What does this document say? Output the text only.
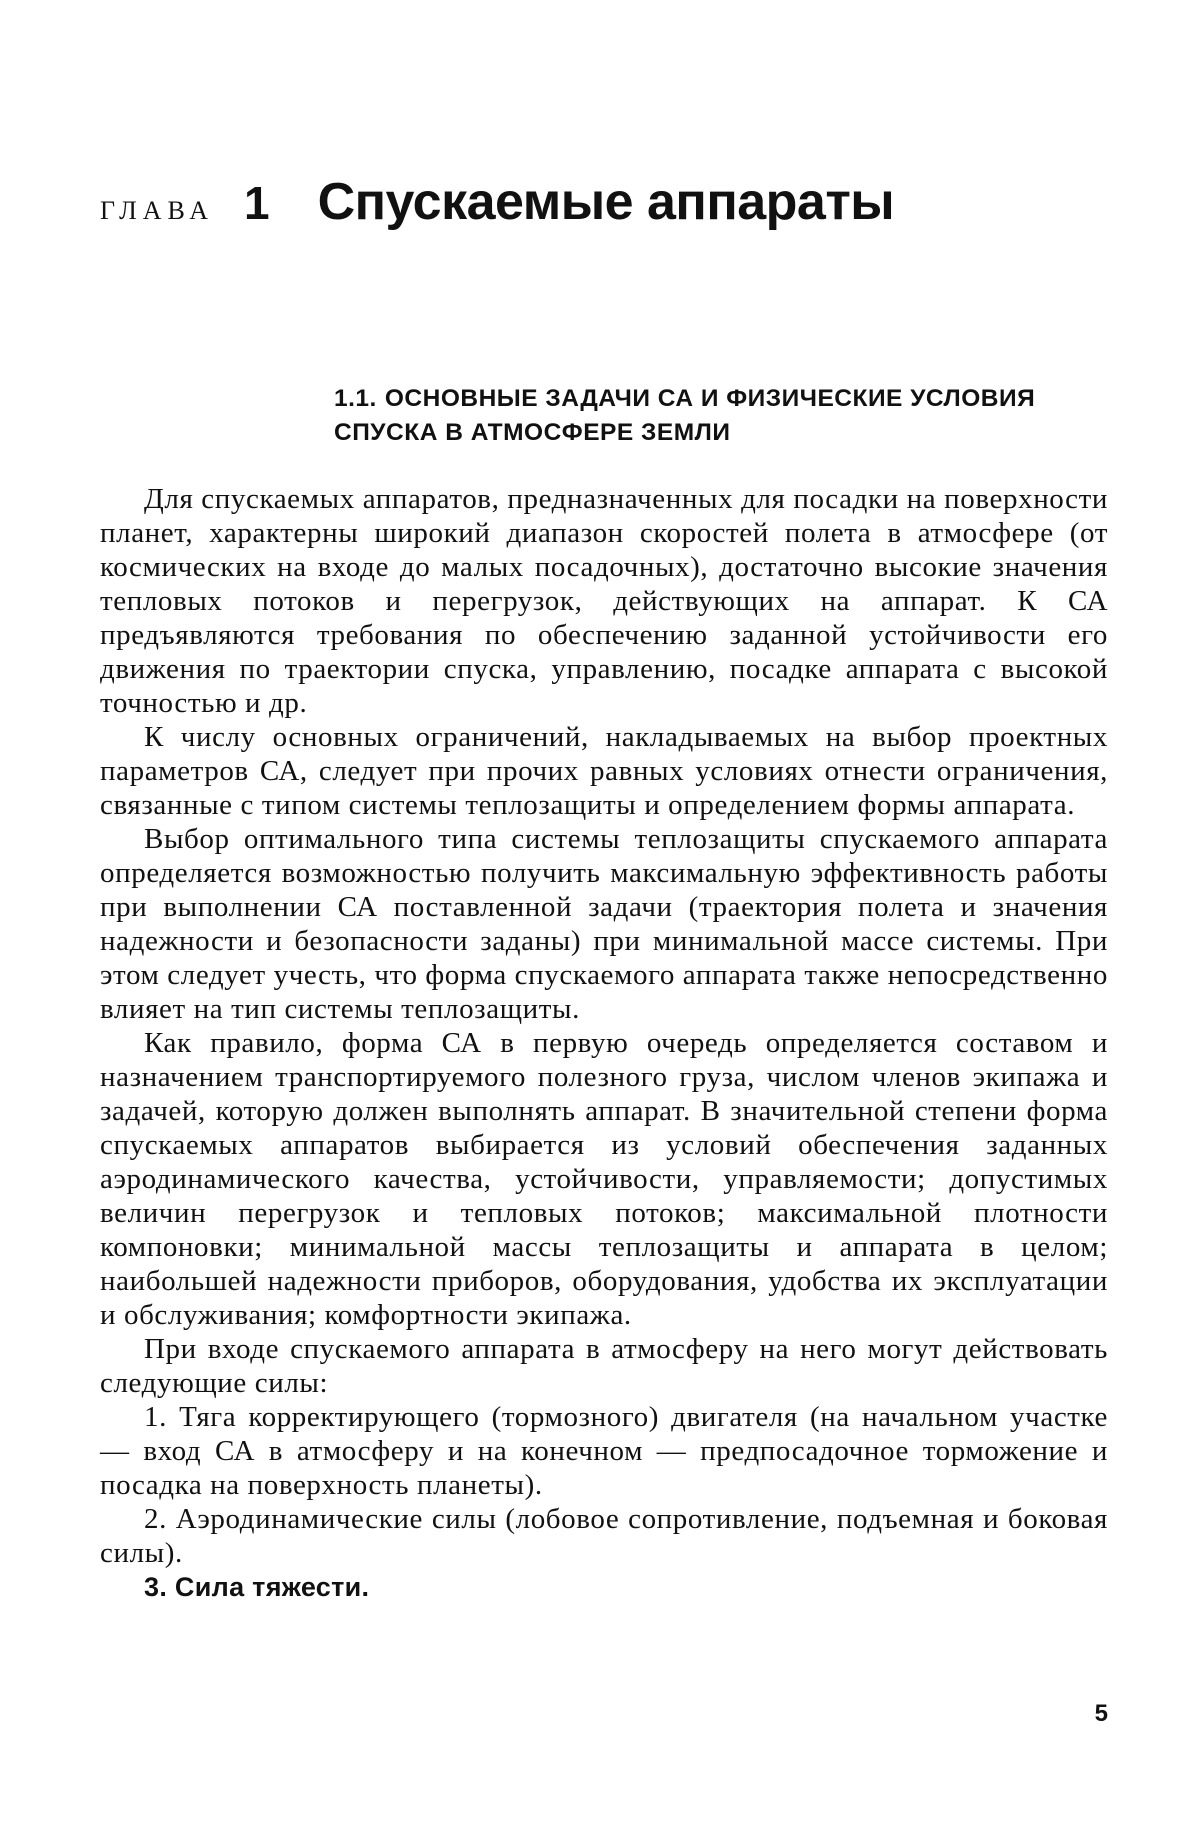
ГЛАВА 1 Спускаемые аппараты
1.1. ОСНОВНЫЕ ЗАДАЧИ СА И ФИЗИЧЕСКИЕ УСЛОВИЯ СПУСКА В АТМОСФЕРЕ ЗЕМЛИ

Для спускаемых аппаратов, предназначенных для посадки на поверхности планет, характерны широкий диапазон скоростей полета в атмосфере (от космических на входе до малых посадочных), достаточно высокие значения тепловых потоков и перегрузок, действующих на аппарат. К СА предъявляются требования по обеспечению заданной устойчивости его движения по траектории спуска, управлению, посадке аппарата с высокой точностью и др.

К числу основных ограничений, накладываемых на выбор проектных параметров СА, следует при прочих равных условиях отнести ограничения, связанные с типом системы теплозащиты и определением формы аппарата.

Выбор оптимального типа системы теплозащиты спускаемого аппарата определяется возможностью получить максимальную эффективность работы при выполнении СА поставленной задачи (траектория полета и значения надежности и безопасности заданы) при минимальной массе системы. При этом следует учесть, что форма спускаемого аппарата также непосредственно влияет на тип системы теплозащиты.

Как правило, форма СА в первую очередь определяется составом и назначением транспортируемого полезного груза, числом членов экипажа и задачей, которую должен выполнять аппарат. В значительной степени форма спускаемых аппаратов выбирается из условий обеспечения заданных аэродинамического качества, устойчивости, управляемости; допустимых величин перегрузок и тепловых потоков; максимальной плотности компоновки; минимальной массы теплозащиты и аппарата в целом; наибольшей надежности приборов, оборудования, удобства их эксплуатации и обслуживания; комфортности экипажа.

При входе спускаемого аппарата в атмосферу на него могут действовать следующие силы:

1. Тяга корректирующего (тормозного) двигателя (на начальном участке — вход СА в атмосферу и на конечном — предпосадочное торможение и посадка на поверхность планеты).

2. Аэродинамические силы (лобовое сопротивление, подъемная и боковая силы).

3. Сила тяжести.

5
